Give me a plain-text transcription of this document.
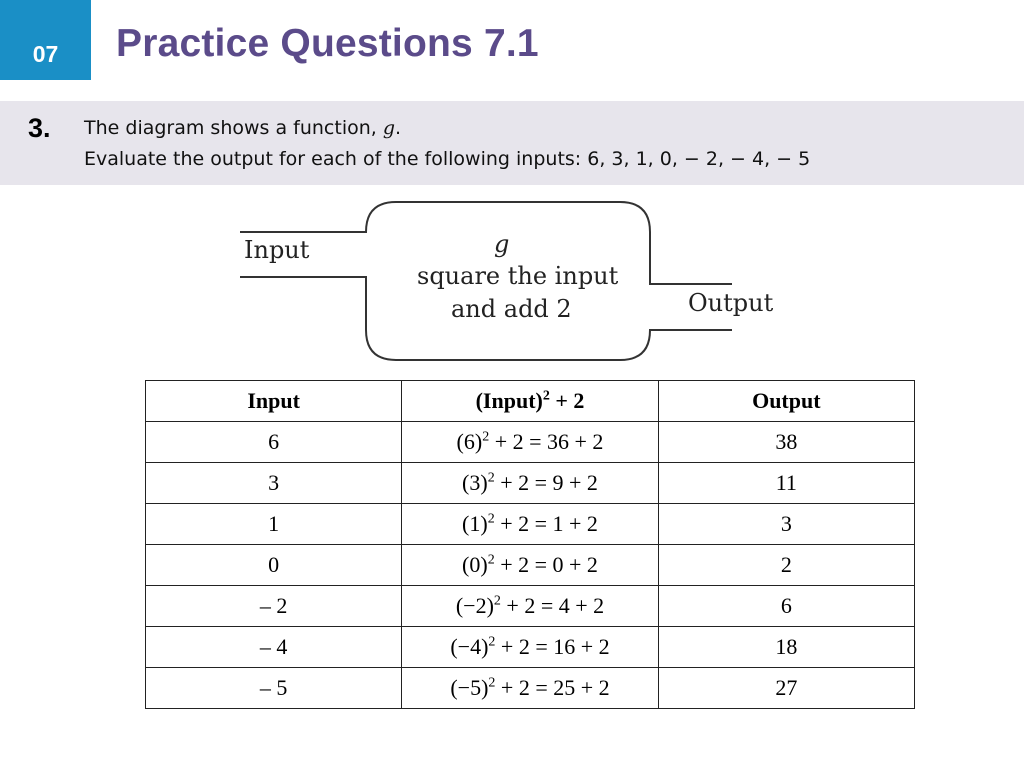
07 Practice Questions 7.1
3. The diagram shows a function, g.
Evaluate the output for each of the following inputs: 6, 3, 1, 0, − 2, − 4, − 5
Input	g
square the input
and add 2	Output
Input	(Input)$^2$ + 2	Output
6	$(6)^2 + 2 = 36 + 2$	38
3	$(3)^2 + 2 = 9 + 2$	11
1	$(1)^2 + 2 = 1 + 2$	3
0	$(0)^2 + 2 = 0 + 2$	2
– 2	$(-2)^2 + 2 = 4 + 2$	6
– 4	$(-4)^2 + 2 = 16 + 2$	18
– 5	$(-5)^2 + 2 = 25 + 2$	27
